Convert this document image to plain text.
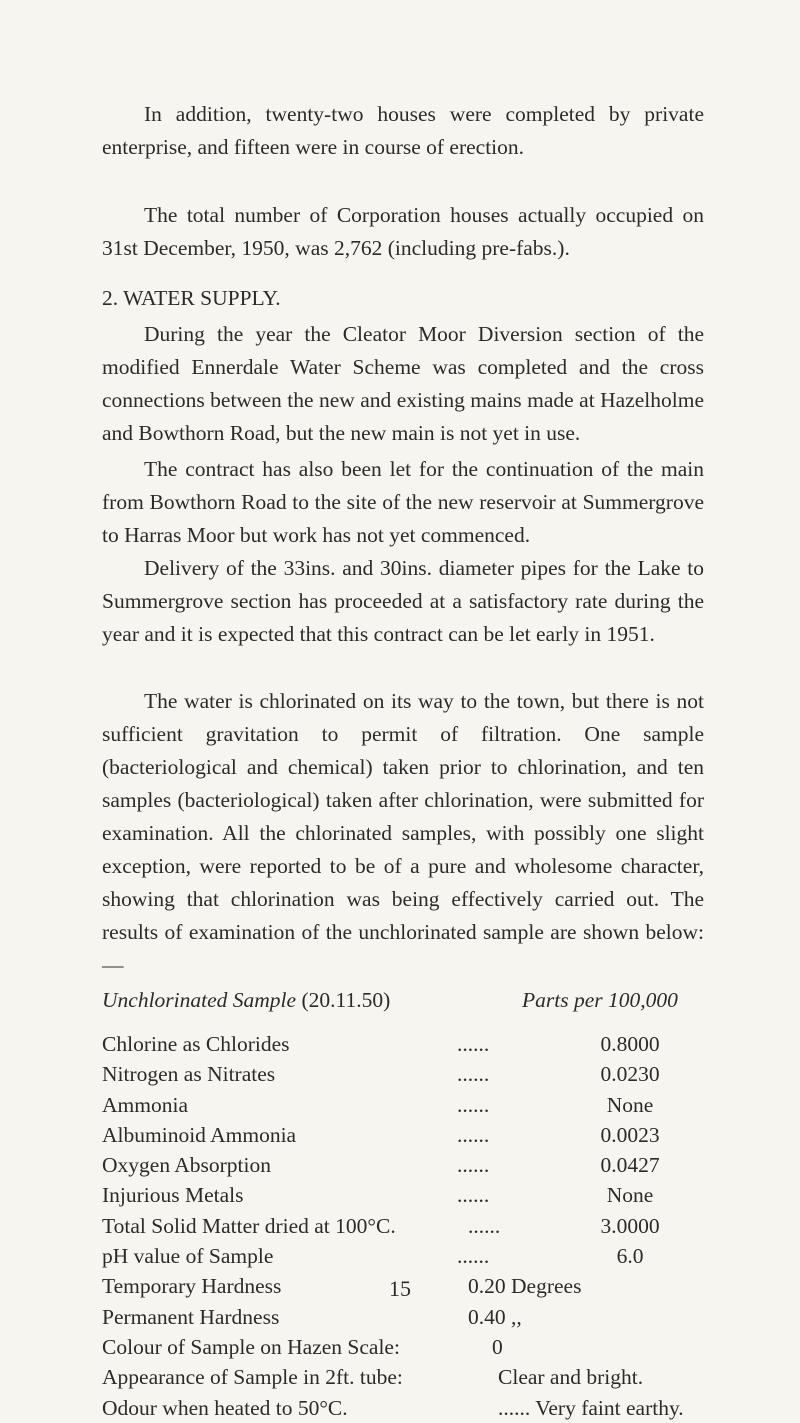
In addition, twenty-two houses were completed by private enterprise, and fifteen were in course of erection.

The total number of Corporation houses actually occupied on 31st December, 1950, was 2,762 (including pre-fabs.).

2. WATER SUPPLY.

During the year the Cleator Moor Diversion section of the modified Ennerdale Water Scheme was completed and the cross connections between the new and existing mains made at Hazelholme and Bowthorn Road, but the new main is not yet in use.

The contract has also been let for the continuation of the main from Bowthorn Road to the site of the new reservoir at Summergrove to Harras Moor but work has not yet commenced.

Delivery of the 33ins. and 30ins. diameter pipes for the Lake to Summergrove section has proceeded at a satisfactory rate during the year and it is expected that this contract can be let early in 1951.

The water is chlorinated on its way to the town, but there is not sufficient gravitation to permit of filtration. One sample (bacteriological and chemical) taken prior to chlorination, and ten samples (bacteriological) taken after chlorination, were submitted for examination. All the chlorinated samples, with possibly one slight exception, were reported to be of a pure and wholesome character, showing that chlorination was being effectively carried out. The results of examination of the unchlorinated sample are shown below: —

Unchlorinated Sample (20.11.50)	Parts per 100,000
Chlorine as Chlorides	......	0.8000
Nitrogen as Nitrates	......	0.0230
Ammonia	......	None
Albuminoid Ammonia	......	0.0023
Oxygen Absorption	......	0.0427
Injurious Metals	......	None
Total Solid Matter dried at 100°C.	......	3.0000
pH value of Sample	......	6.0
Temporary Hardness	0.20 Degrees
Permanent Hardness	0.40 ,,
Colour of Sample on Hazen Scale:	0
Appearance of Sample in 2ft. tube:	Clear and bright.
Odour when heated to 50°C.	...... Very faint earthy.
15
